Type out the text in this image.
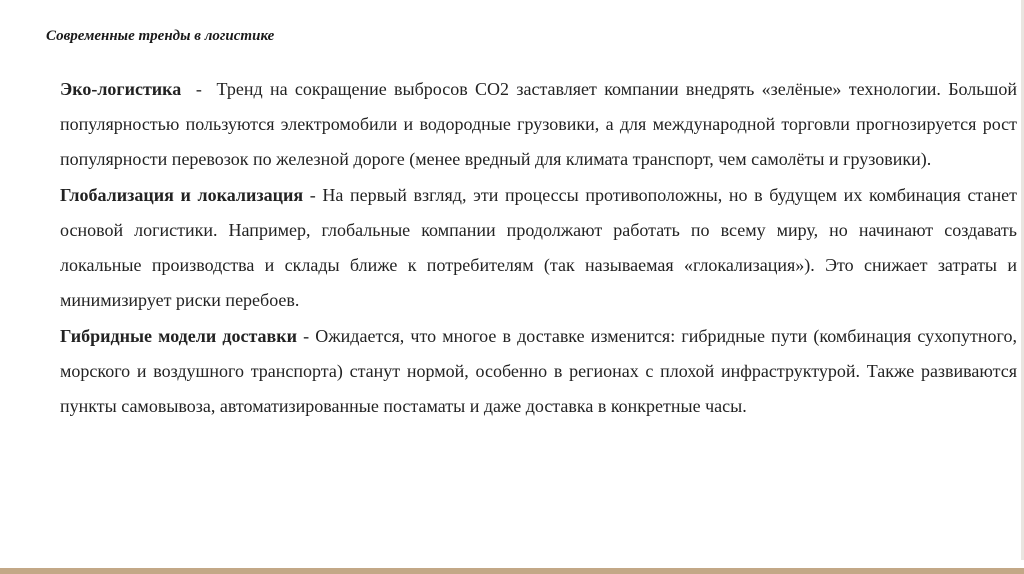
Современные тренды в логистике

Эко-логистика  -  Тренд на сокращение выбросов CO2 заставляет компании внедрять «зелёные» технологии. Большой популярностью пользуются электромобили и водородные грузовики, а для международной торговли прогнозируется рост популярности перевозок по железной дороге (менее вредный для климата транспорт, чем самолёты и грузовики).

Глобализация и локализация - На первый взгляд, эти процессы противоположны, но в будущем их комбинация станет основой логистики. Например, глобальные компании продолжают работать по всему миру, но начинают создавать локальные производства и склады ближе к потребителям (так называемая «глокализация»). Это снижает затраты и минимизирует риски перебоев.

Гибридные модели доставки - Ожидается, что многое в доставке изменится: гибридные пути (комбинация сухопутного, морского и воздушного транспорта) станут нормой, особенно в регионах с плохой инфраструктурой. Также развиваются пункты самовывоза, автоматизированные постаматы и даже доставка в конкретные часы.
